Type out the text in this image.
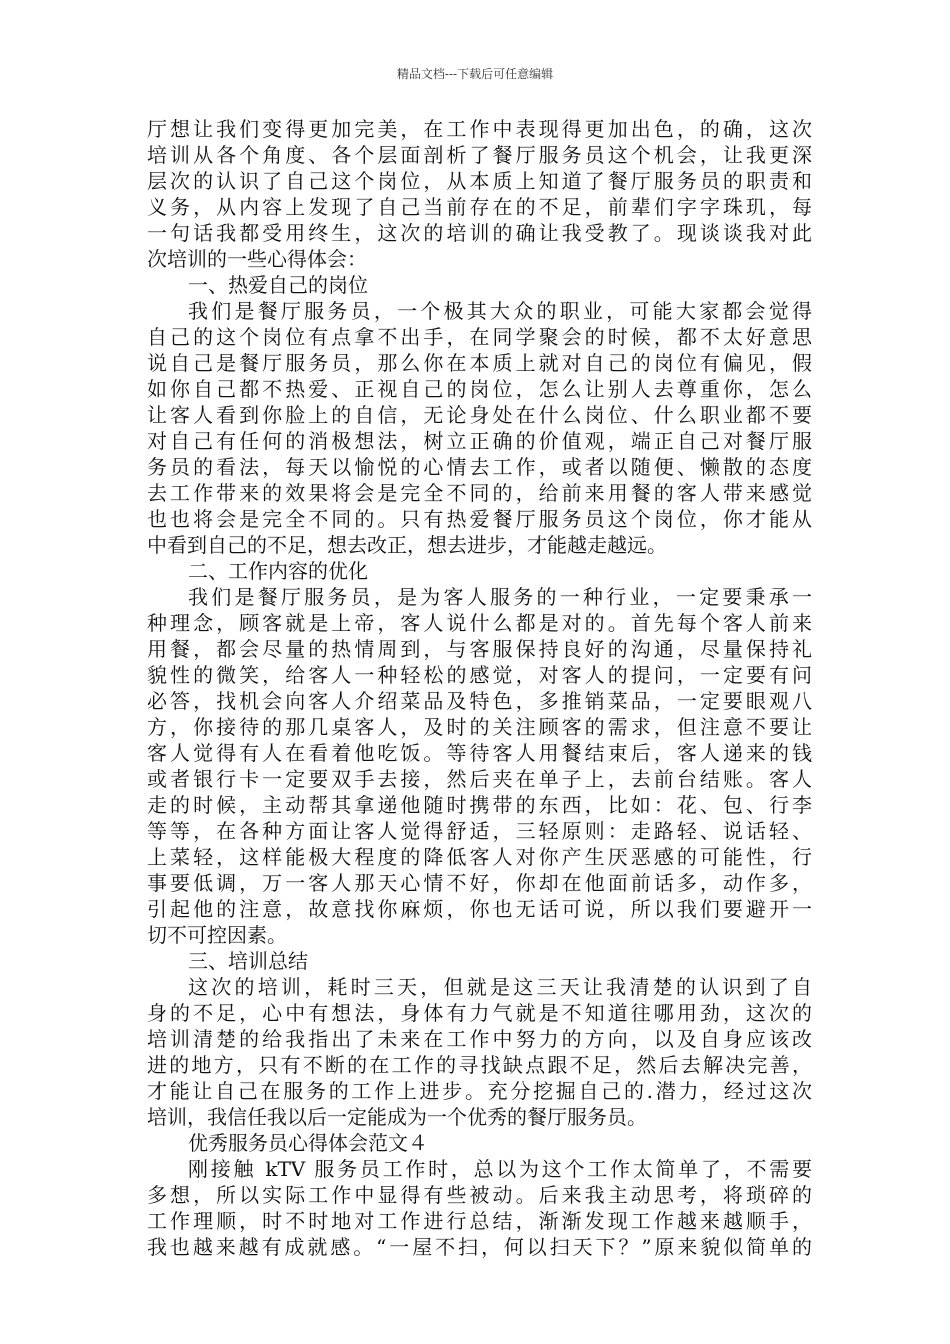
精品文档---下载后可任意编辑
厅想让我们变得更加完美，在工作中表现得更加出色，的确，这次
培训从各个角度、各个层面剖析了餐厅服务员这个机会，让我更深
层次的认识了自己这个岗位，从本质上知道了餐厅服务员的职责和
义务，从内容上发现了自己当前存在的不足，前辈们字字珠玑，每
一句话我都受用终生，这次的培训的确让我受教了。现谈谈我对此
次培训的一些心得体会：
一、热爱自己的岗位
我们是餐厅服务员，一个极其大众的职业，可能大家都会觉得
自己的这个岗位有点拿不出手，在同学聚会的时候，都不太好意思
说自己是餐厅服务员，那么你在本质上就对自己的岗位有偏见，假
如你自己都不热爱、正视自己的岗位，怎么让别人去尊重你，怎么
让客人看到你脸上的自信，无论身处在什么岗位、什么职业都不要
对自己有任何的消极想法，树立正确的价值观，端正自己对餐厅服
务员的看法，每天以愉悦的心情去工作，或者以随便、懒散的态度
去工作带来的效果将会是完全不同的，给前来用餐的客人带来感觉
也也将会是完全不同的。只有热爱餐厅服务员这个岗位，你才能从
中看到自己的不足，想去改正，想去进步，才能越走越远。
二、工作内容的优化
我们是餐厅服务员，是为客人服务的一种行业，一定要秉承一
种理念，顾客就是上帝，客人说什么都是对的。首先每个客人前来
用餐，都会尽量的热情周到，与客服保持良好的沟通，尽量保持礼
貌性的微笑，给客人一种轻松的感觉，对客人的提问，一定要有问
必答，找机会向客人介绍菜品及特色，多推销菜品，一定要眼观八
方，你接待的那几桌客人，及时的关注顾客的需求，但注意不要让
客人觉得有人在看着他吃饭。等待客人用餐结束后，客人递来的钱
或者银行卡一定要双手去接，然后夹在单子上，去前台结账。客人
走的时候，主动帮其拿递他随时携带的东西，比如：花、包、行李
等等，在各种方面让客人觉得舒适，三轻原则：走路轻、说话轻、
上菜轻，这样能极大程度的降低客人对你产生厌恶感的可能性，行
事要低调，万一客人那天心情不好，你却在他面前话多，动作多，
引起他的注意，故意找你麻烦，你也无话可说，所以我们要避开一
切不可控因素。
三、培训总结
这次的培训，耗时三天，但就是这三天让我清楚的认识到了自
身的不足，心中有想法，身体有力气就是不知道往哪用劲，这次的
培训清楚的给我指出了未来在工作中努力的方向，以及自身应该改
进的地方，只有不断的在工作的寻找缺点跟不足，然后去解决完善，
才能让自己在服务的工作上进步。充分挖掘自己的.潜力，经过这次
培训，我信任我以后一定能成为一个优秀的餐厅服务员。
优秀服务员心得体会范文４
刚接触 kTV 服务员工作时，总以为这个工作太简单了，不需要
多想，所以实际工作中显得有些被动。后来我主动思考，将琐碎的
工作理顺，时不时地对工作进行总结，渐渐发现工作越来越顺手，
我也越来越有成就感。“一屋不扫，何以扫天下？”原来貌似简单的
